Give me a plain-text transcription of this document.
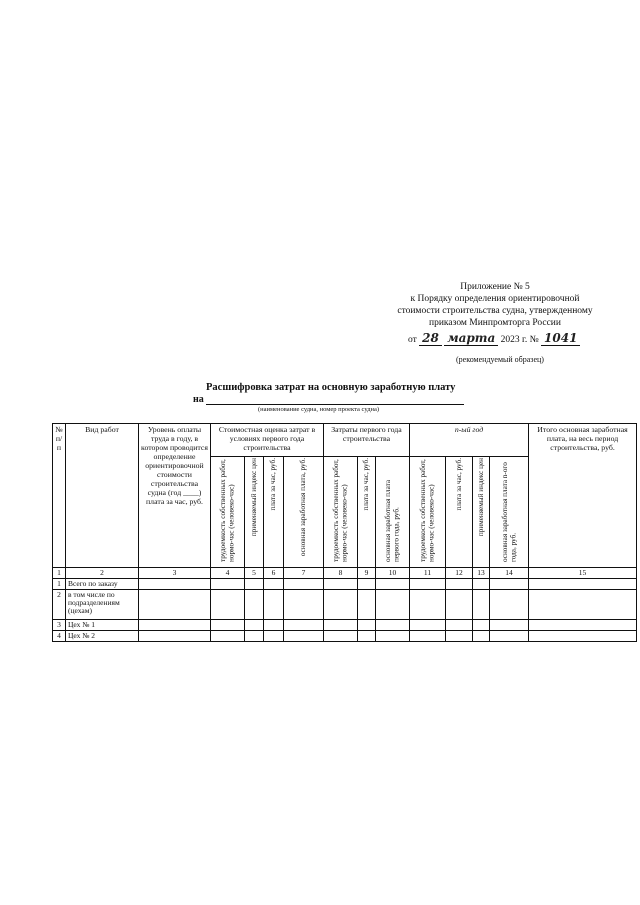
Приложение № 5
к Порядку определения ориентировочной
стоимости строительства судна, утвержденному
приказом Минпромторга России
от 28 марта 2023 г. № 1041
(рекомендуемый образец)
Расшифровка затрат на основную заработную плату
на
(наименование судна, номер проекта судна)
№ п/п	Вид работ	Уровень оплаты труда в году, в котором проводится определение ориентировочной стоимости строительства судна (год ____) плата за час, руб.	Стоимостная оценка затрат в условиях первого года строительства				Затраты первого года строительства			n-ый год				Итого основная заработная плата, на весь период строительства, руб.
			трудоемкость собственных работ, нормо-час (человеко-час)	применяемый индекс цен	плата за час, руб.	основная заработная плата, руб.	трудоемкость собственных работ, нормо-час (человеко-час)	плата за час, руб.	основная заработная плата первого года, руб.	трудоемкость собственных работ, нормо-час (человеко-час)	плата за час, руб.	применяемый индекс цен	основная заработная плата n-ого года, руб.	
1	2	3	4	5	6	7	8	9	10	11	12	13	14	15
1	Всего по заказу													
2	в том числе по подразделениям (цехам)													
3	Цех № 1													
4	Цех № 2													
